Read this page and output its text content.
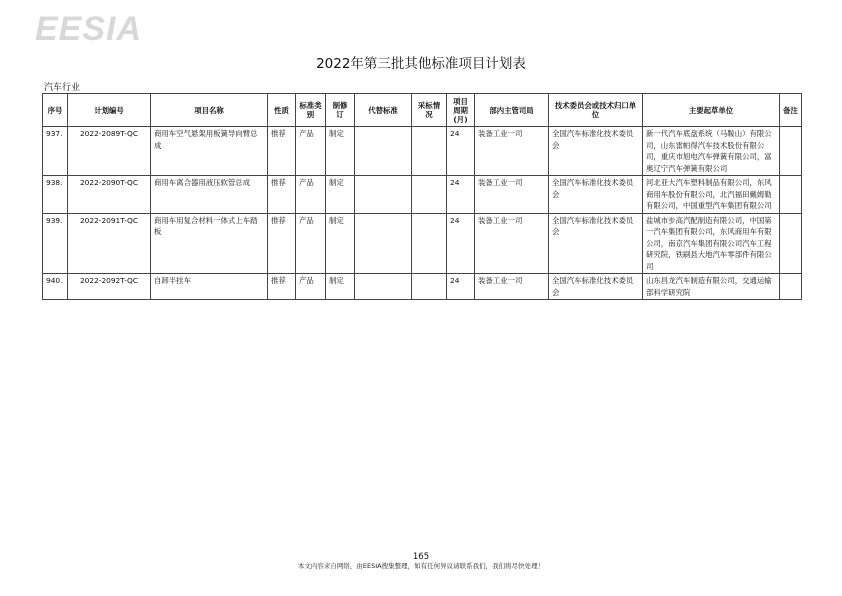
EESIA
2022年第三批其他标准项目计划表
汽车行业
序号	计划编号	项目名称	性质	标准类别	制修订	代替标准	采标情况	项目周期(月)	部内主管司局	技术委员会或技术归口单位	主要起草单位	备注
937.	2022-2089T-QC	商用车空气悬架用板簧导向臂总成	推荐	产品	制定			24	装备工业一司	全国汽车标准化技术委员会	新一代汽车底盘系统（马鞍山）有限公司，山东雷帕得汽车技术股份有限公司，重庆市旭电汽车弹簧有限公司，富奥辽宁汽车弹簧有限公司	
938.	2022-2090T-QC	商用车离合器用液压软管总成	推荐	产品	制定			24	装备工业一司	全国汽车标准化技术委员会	河北亚大汽车塑料制品有限公司，东风商用车股份有限公司，北汽福田戴姆勒有限公司，中国重型汽车集团有限公司	
939.	2022-2091T-QC	商用车用复合材料一体式上车踏板	推荐	产品	制定			24	装备工业一司	全国汽车标准化技术委员会	盐城市步高汽配制造有限公司，中国第一汽车集团有限公司，东风商用车有限公司，南京汽车集团有限公司汽车工程研究院，铁刷县大地汽车零部件有限公司	
940.	2022-2092T-QC	自卸半挂车	推荐	产品	制定			24	装备工业一司	全国汽车标准化技术委员会	山东昌龙汽车制造有限公司，交通运输部科学研究院	
165
本文内容来自网络，由EESIA搜集整理，如有任何异议请联系我们，我们将尽快处理！
